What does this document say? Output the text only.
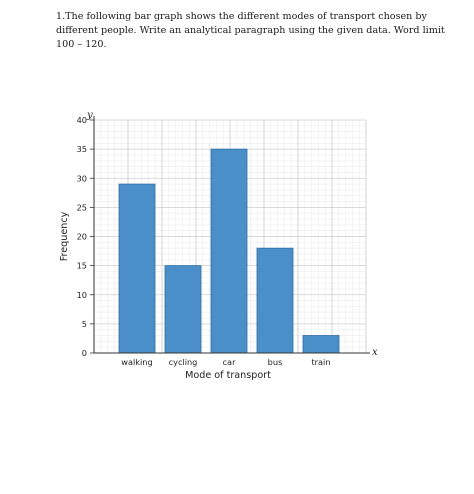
1.The following bar graph shows the different modes of transport chosen by
different people. Write an analytical paragraph using the given data. Word limit
100 – 120.
walking cycling	car	bus	train
0
5
10
15
20
25
30
35
40
Mode of transport
Frequency
x
y
